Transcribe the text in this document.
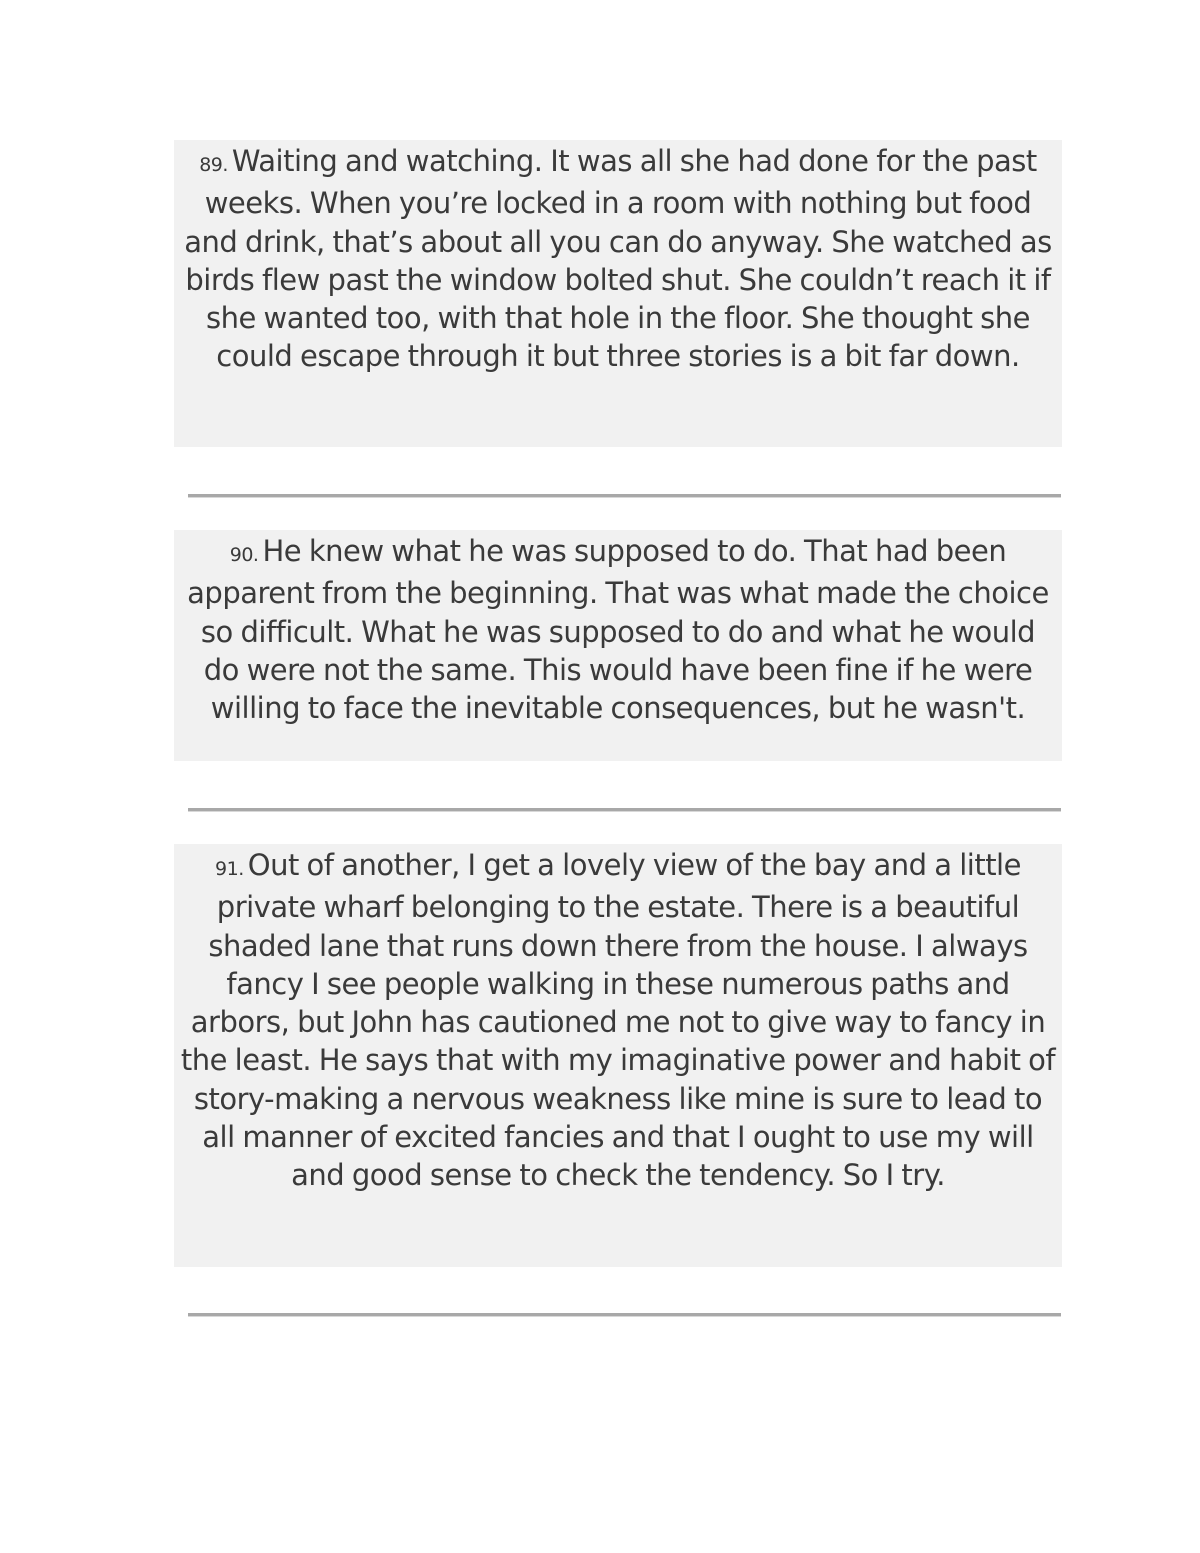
89. Waiting and watching. It was all she had done for the past weeks. When you’re locked in a room with nothing but food and drink, that’s about all you can do anyway. She watched as birds flew past the window bolted shut. She couldn’t reach it if she wanted too, with that hole in the floor. She thought she could escape through it but three stories is a bit far down.

90. He knew what he was supposed to do. That had been apparent from the beginning. That was what made the choice so difficult. What he was supposed to do and what he would do were not the same. This would have been fine if he were willing to face the inevitable consequences, but he wasn't.

91. Out of another, I get a lovely view of the bay and a little private wharf belonging to the estate. There is a beautiful shaded lane that runs down there from the house. I always fancy I see people walking in these numerous paths and arbors, but John has cautioned me not to give way to fancy in the least. He says that with my imaginative power and habit of story-making a nervous weakness like mine is sure to lead to all manner of excited fancies and that I ought to use my will and good sense to check the tendency. So I try.
